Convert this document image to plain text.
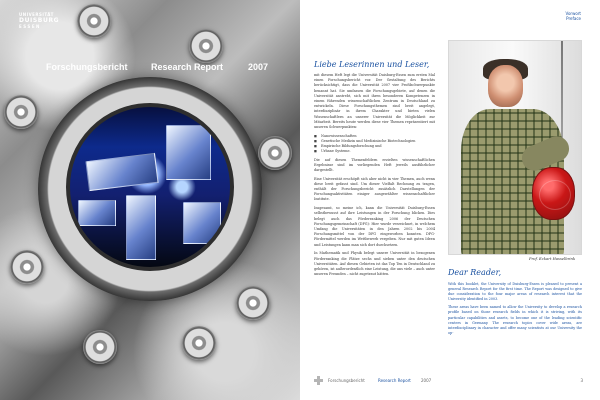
UNIVERSITÄT
DUISBURG
ESSEN
Forschungsbericht	Research Report	2007
Vorwort
Preface
Liebe Leserinnen und Leser,

mit diesem Heft legt die Universität Duisburg-Essen zum ersten Mal einen Forschungsbericht vor. Der Gestaltung des Berichts berücksichtigt, dass die Universität 2007 vier Profilschwerpunkte benannt hat. Sie umfassen die Forschungsgebiete, auf denen die Universität anstrebt, sich mit ihren besonderen Kompetenzen in einem führenden wissenschaftlichen Zentrum in Deutschland zu entwickeln. Diese Forschungsthemen sind breit angelegt, interdisziplinär in ihrem Charakter und bieten vielen Wissenschaftlern an unserer Universität die Möglichkeit zur Mitarbeit. Bereits heute werden diese vier Themen repräsentiert mit unseren Schwerpunkten:

■ Nanowissenschaften
■ Genetische Medizin und Medizinische Biotechnologien
■ Empirische Bildungsforschung und
■ Urbane Systeme.

Die auf diesen Themenfeldern erzielten wissenschaftlichen Ergebnisse sind im vorliegenden Heft jeweils ausführlicher dargestellt.

Eine Universität erschöpft sich aber nicht in vier Themen, auch wenn diese breit gefasst sind. Um dieser Vielfalt Rechnung zu tragen, enthält der Forschungsbericht zusätzlich Darstellungen der Forschungsaktivitäten einiger ausgewählter wissenschaftlicher Institute.

Insgesamt, so meine ich, kann die Universität Duisburg-Essen selbstbewusst auf ihre Leistungen in der Forschung blicken. Dies belegt auch das Förderranking 2006 der Deutschen Forschungsgemeinschaft (DFG): Hier wurde verzeichnet, in welchem Umfang die Universitäten in den Jahren 2002 bis 2004 Forschungsmittel von der DFG eingeworben konnten. DFG-Fördermittel werden im Wettbewerb vergeben. Nur mit guten Ideen und Leistungen kann man sich dort durchsetzen.

In Mathematik und Physik belegt unsere Universität in bezogenen Förderranking die Plätze sechs und sieben unter den deutschen Universitäten. Auf diesen Gebieten ist das Top Ten in Deutschland zu gehören, ist außerordentlich eine Leistung, die uns viele – auch unter unseren Freunden – nicht zugetraut hätten.

Prof. Eckart Hasselbrink
Dear Reader,

With this booklet, the University of Duisburg-Essen is pleased to present a general Research Report for the first time. The Report was designed to give due consideration to the four major areas of research interest that the University identified in 2003.

These areas have been named to allow the University to develop a research profile based on those research fields in which it is striving, with its particular capabilities and assets, to become one of the leading scientific centers in Germany. The research topics cover wide areas, are interdisciplinary in character and offer many scientists at our University the op-

Forschungsbericht	Research Report	2007	3
